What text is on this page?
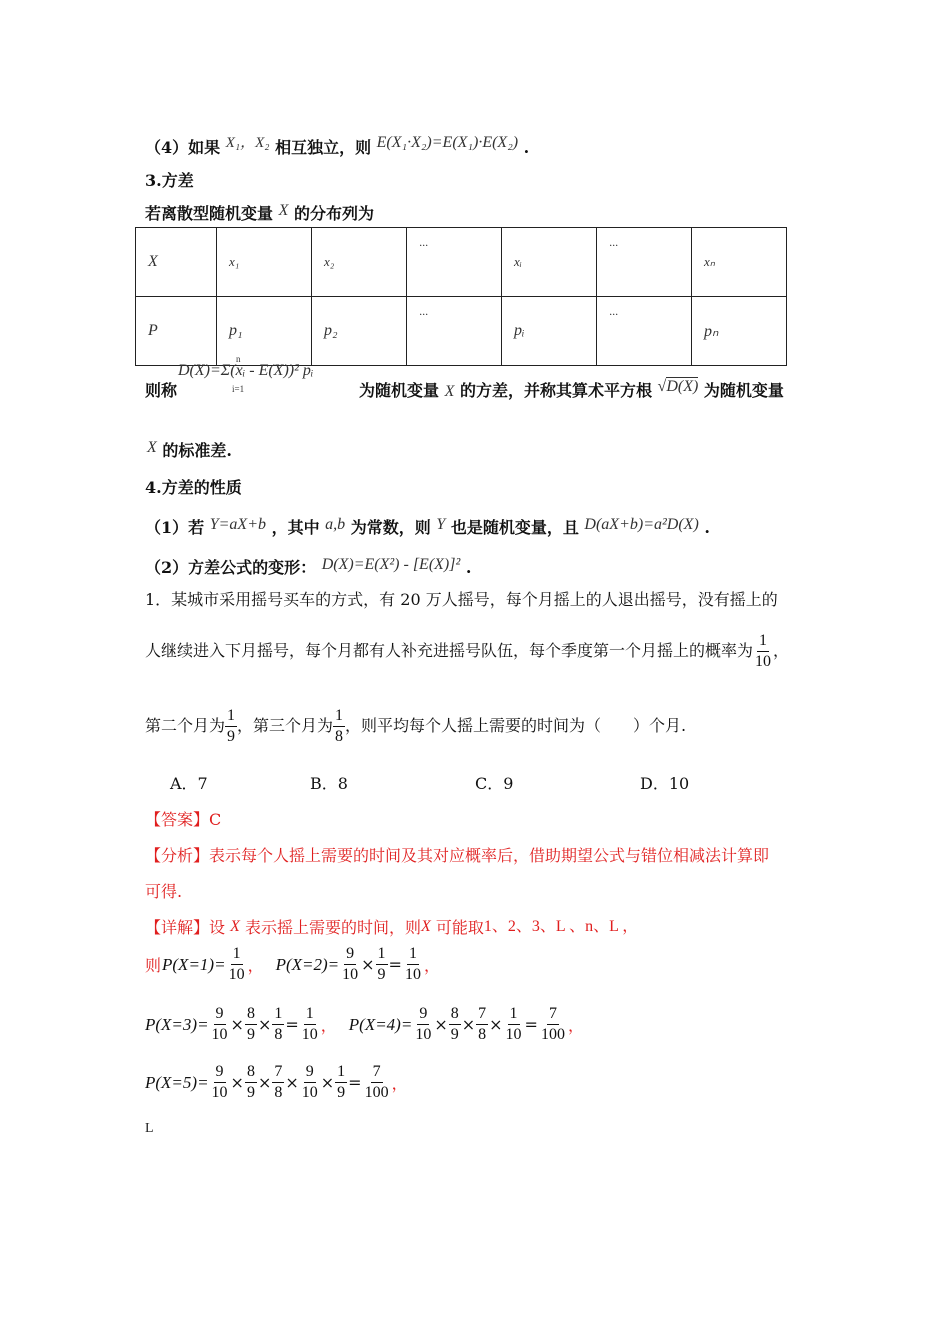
（4）如果 X₁，X₂ 相互独立，则 E(X₁·X₂)=E(X₁)·E(X₂) .
3.方差
若离散型随机变量 X 的分布列为
X	x₁	x₂	···	xᵢ	···	xₙ
P	p₁	p₂	···	pᵢ	···	pₙ
则称
n
i=1
D(X)=Σ(xᵢ - E(X))² pᵢ
为随机变量 X 的方差，并称其算术平方根 √D(X) 为随机变量
X 的标准差.
4.方差的性质
（1）若 Y=aX+b ，其中 a,b 为常数，则 Y 也是随机变量，且 D(aX+b)=a²D(X) .
（2）方差公式的变形： D(X)=E(X²) - [E(X)]² .
1．某城市采用摇号买车的方式，有 20 万人摇号，每个月摇上的人退出摇号，没有摇上的
人继续进入下月摇号，每个月都有人补充进摇号队伍，每个季度第一个月摇上的概率为 $\frac{1}{10}$ ，
第二个月为 $\frac{1}{9}$ ，第三个月为 $\frac{1}{8}$ ，则平均每个人摇上需要的时间为（　　）个月.
A．7	B．8	C．9	D．10
【答案】C
【分析】表示每个人摇上需要的时间及其对应概率后，借助期望公式与错位相减法计算即
可得.
【详解】设 X 表示摇上需要的时间，则X 可能取1、2、3、L 、n、L ，
则 $P(X=1)= \frac{1}{10}$ ， $P(X=2)= \frac{9}{10} \times \frac{1}{9} = \frac{1}{10}$ ，
$P(X=3)= \frac{9}{10} \times \frac{8}{9} \times \frac{1}{8} = \frac{1}{10}$ ， $P(X=4)= \frac{9}{10} \times \frac{8}{9} \times \frac{7}{8} \times \frac{1}{10} = \frac{7}{100}$ ，
$P(X=5)= \frac{9}{10} \times \frac{8}{9} \times \frac{7}{8} \times \frac{9}{10} \times \frac{1}{9} = \frac{7}{100}$ ，
L
